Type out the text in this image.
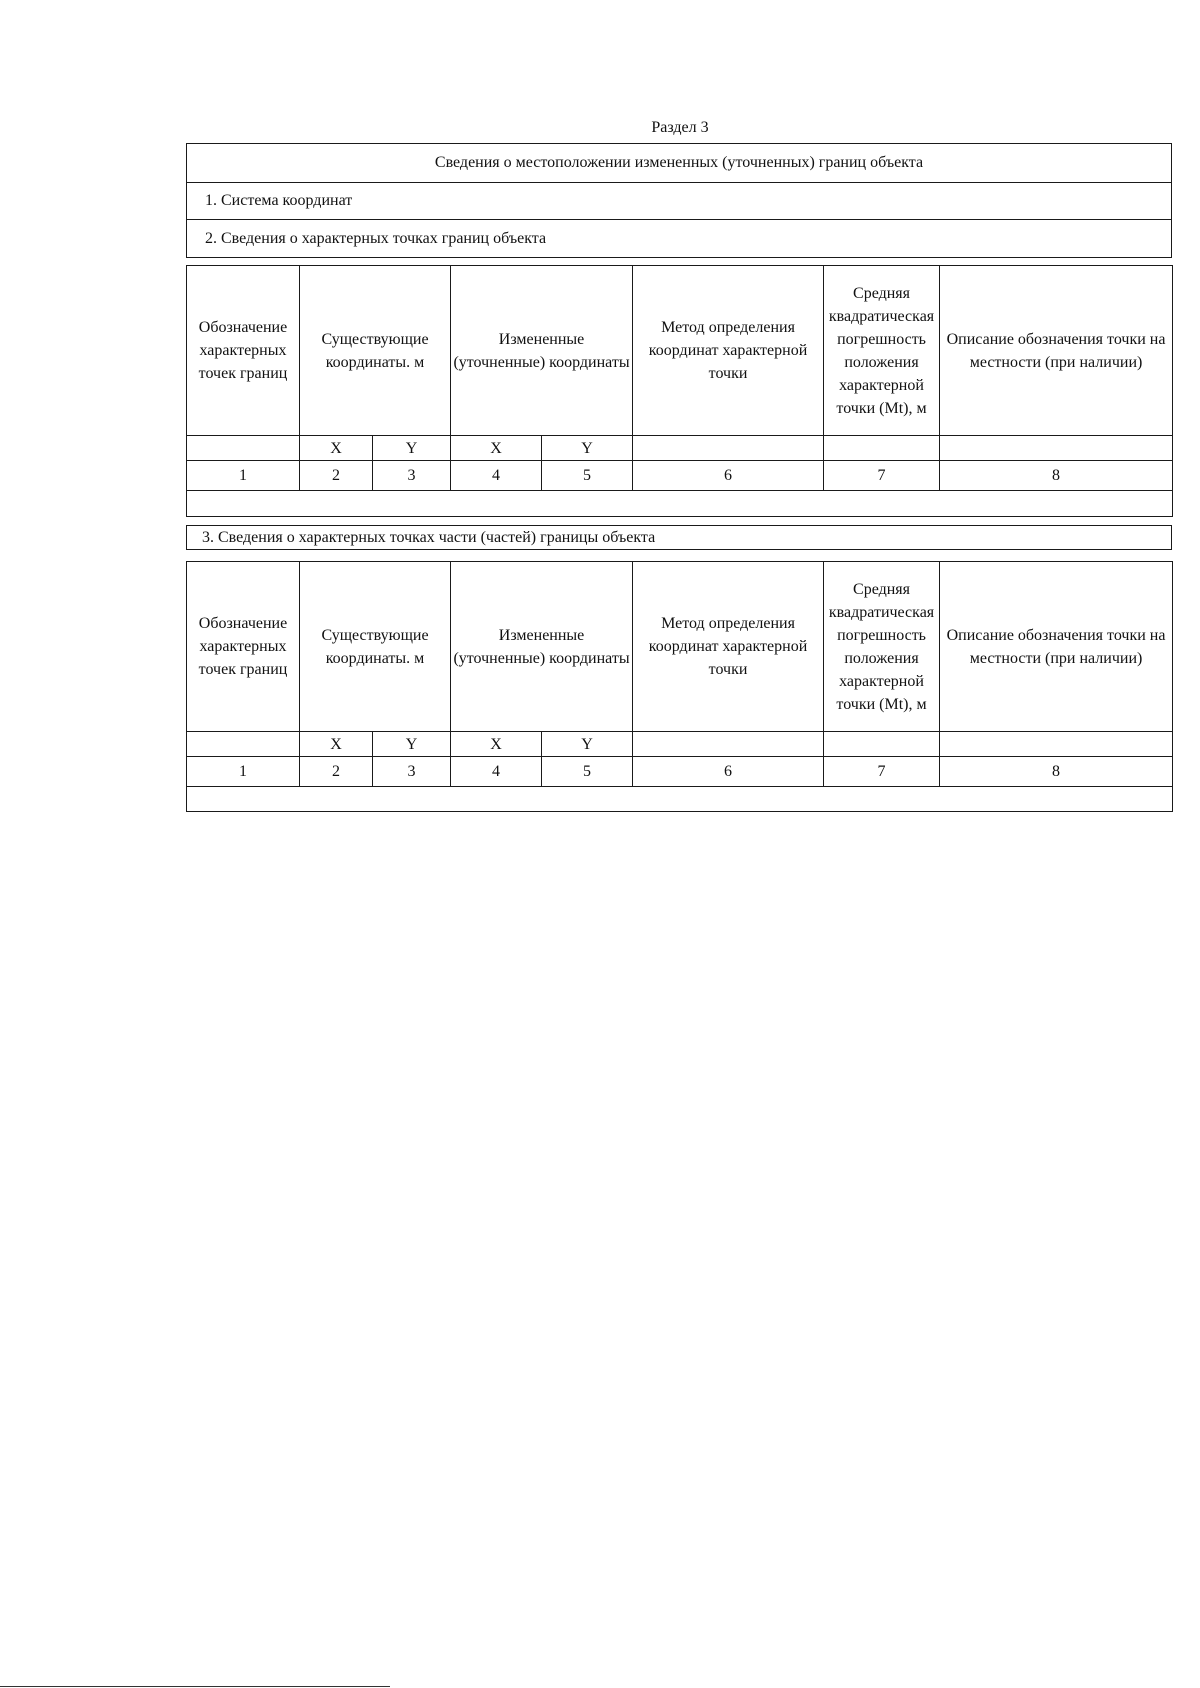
Раздел 3
Сведения о местоположении измененных (уточненных) границ объекта
1. Система координат
2. Сведения о характерных точках границ объекта
Обозначение характерных точек границ	Существующие координаты. м		Измененные (уточненные) координаты		Метод определения координат характерной точки	Средняя квадратическая погрешность положения характерной точки (Mt), м	Описание обозначения точки на местности (при наличии)
	X	Y	X	Y			
1	2	3	4	5	6	7	8

3. Сведения о характерных точках части (частей) границы объекта
Обозначение характерных точек границ	Существующие координаты. м		Измененные (уточненные) координаты		Метод определения координат характерной точки	Средняя квадратическая погрешность положения характерной точки (Mt), м	Описание обозначения точки на местности (при наличии)
	X	Y	X	Y			
1	2	3	4	5	6	7	8
